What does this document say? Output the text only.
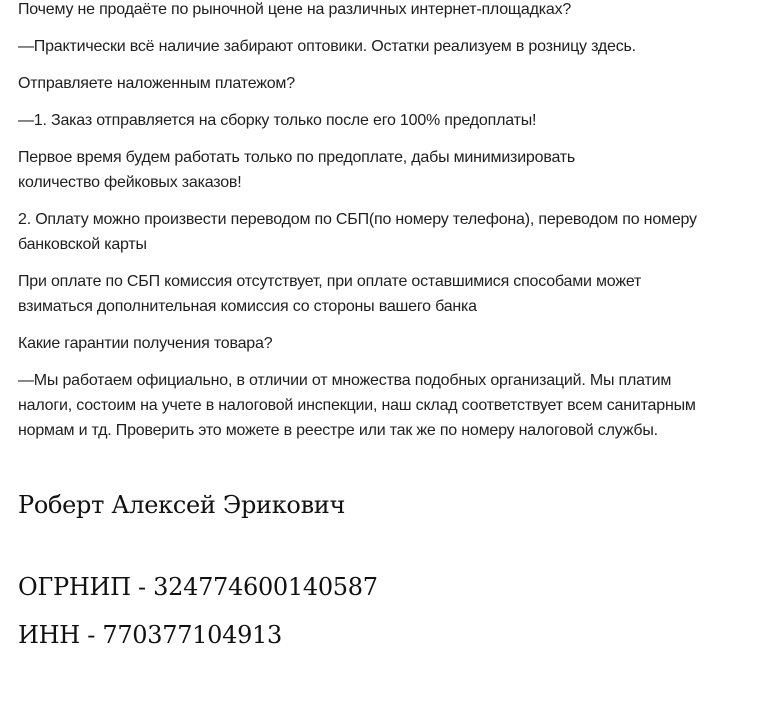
Почему не продаёте по рыночной цене на различных интернет-площадках?

—Практически всё наличие забирают оптовики. Остатки реализуем в розницу здесь.

Отправляете наложенным платежом?

—1. Заказ отправляется на сборку только после его 100% предоплаты!

Первое время будем работать только по предоплате, дабы минимизировать количество фейковых заказов!

2. Оплату можно произвести переводом по СБП(по номеру телефона), переводом по номеру банковской карты

При оплате по СБП комиссия отсутствует, при оплате оставшимися способами может взиматься дополнительная комиссия со стороны вашего банка

Какие гарантии получения товара?

—Мы работаем официально, в отличии от множества подобных организаций. Мы платим налоги, состоим на учете в налоговой инспекции, наш склад соответствует всем санитарным нормам и тд. Проверить это можете в реестре или так же по номеру налоговой службы.

Роберт Алексей Эрикович

ОГРНИП - 324774600140587

ИНН - 770377104913
